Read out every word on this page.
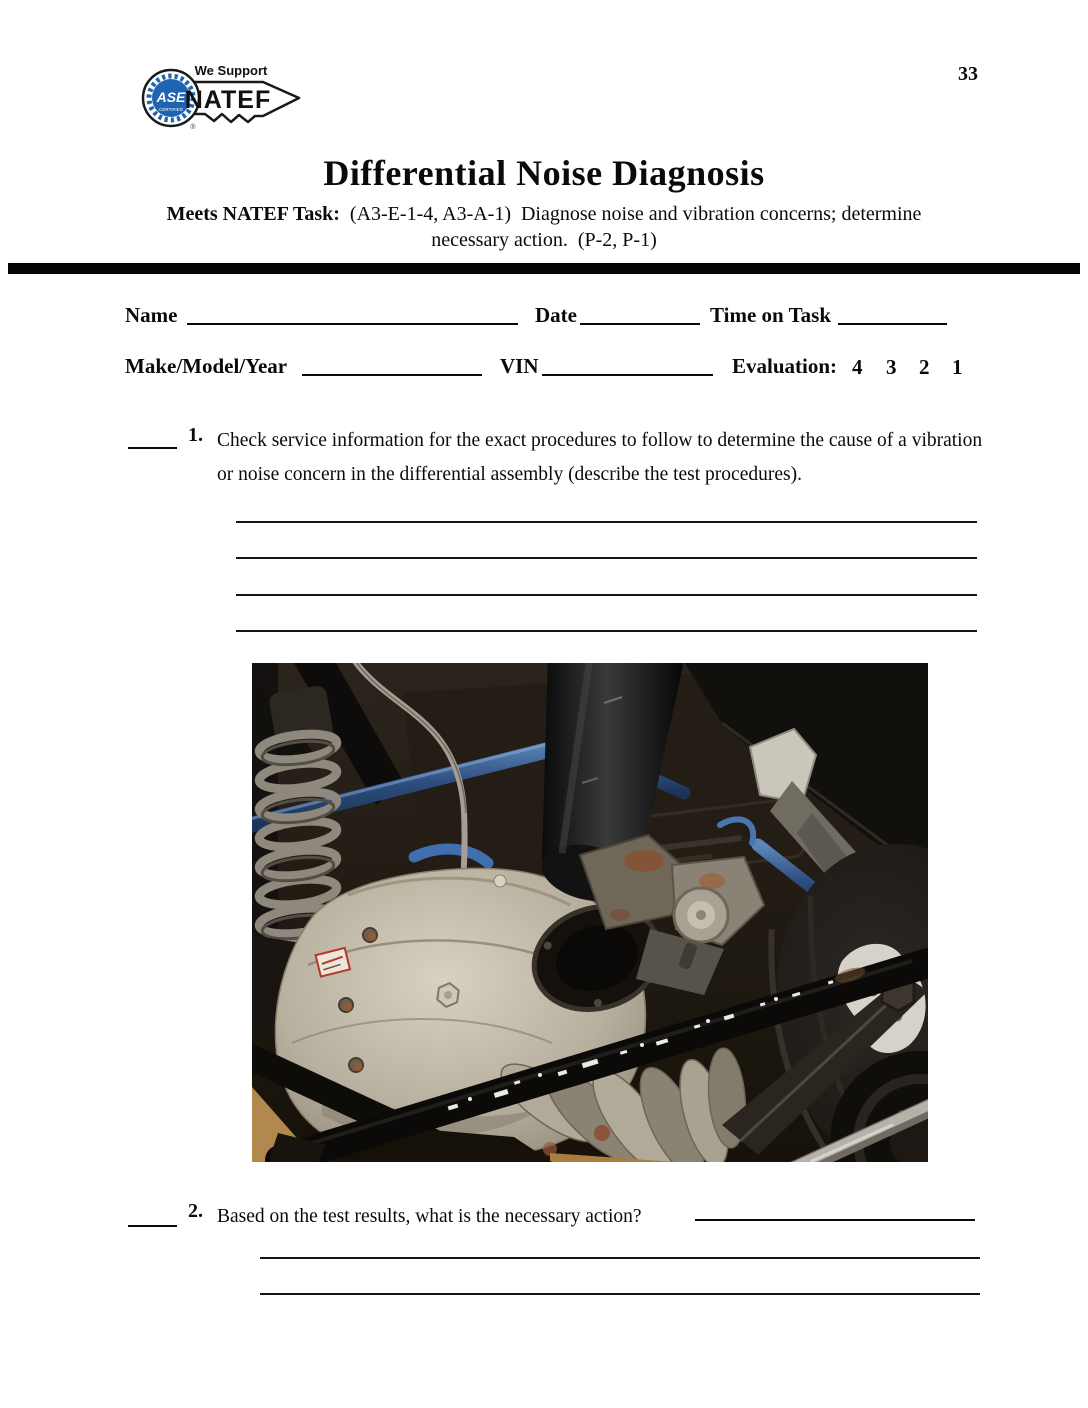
33
ASE
CERTIFIED
®
We Support
NATEF
Differential Noise Diagnosis
Meets NATEF Task:  (A3-E-1-4, A3-A-1)  Diagnose noise and vibration concerns; determine
necessary action.  (P-2, P-1)
Name	Date	Time on Task
Make/Model/Year	VIN	Evaluation: 4 3 2 1
1. Check service information for the exact procedures to follow to determine the cause of a vibration or noise concern in the differential assembly (describe the test procedures).
2. Based on the test results, what is the necessary action?
